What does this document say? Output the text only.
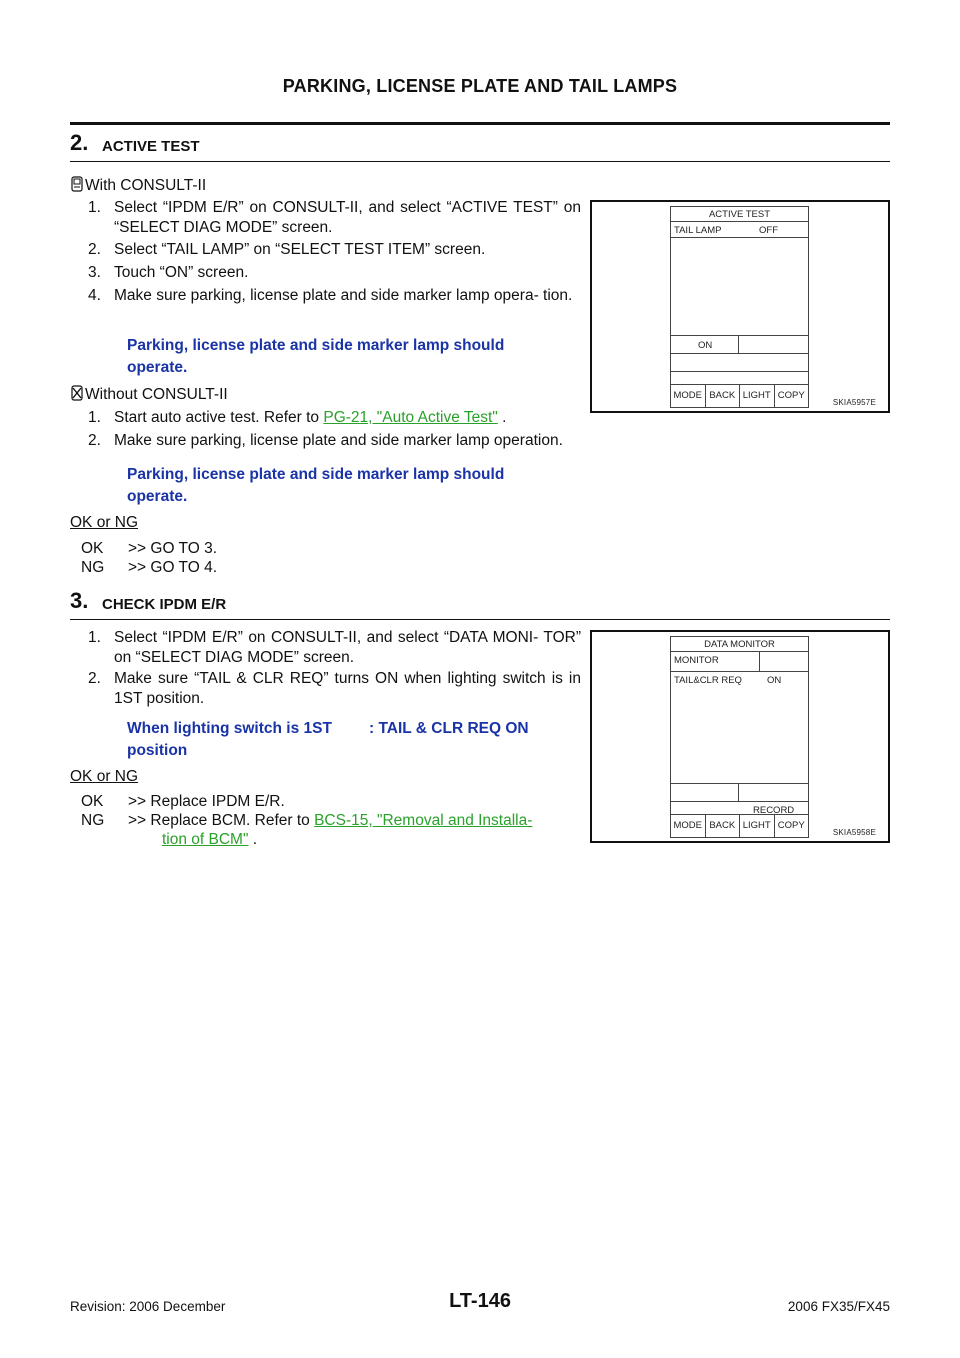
PARKING, LICENSE PLATE AND TAIL LAMPS
2. ACTIVE TEST
With CONSULT-II
1. Select “IPDM E/R” on CONSULT-II, and select “ACTIVE TEST” on “SELECT DIAG MODE” screen.
2. Select “TAIL LAMP” on “SELECT TEST ITEM” screen.
3. Touch “ON” screen.
4. Make sure parking, license plate and side marker lamp opera- tion.
Parking, license plate and side marker lamp should
operate.
Without CONSULT-II
1. Start auto active test. Refer to PG-21, "Auto Active Test" .
2. Make sure parking, license plate and side marker lamp operation.
Parking, license plate and side marker lamp should
operate.
OK or NG
OK >> GO TO 3.
NG >> GO TO 4.
ACTIVE TEST
TAIL LAMP	OFF
ON
MODE BACK LIGHT COPY
SKIA5957E
3. CHECK IPDM E/R
1. Select “IPDM E/R” on CONSULT-II, and select “DATA MONI- TOR” on “SELECT DIAG MODE” screen.
2. Make sure “TAIL & CLR REQ” turns ON when lighting switch is in 1ST position.
When lighting switch is 1ST
position
: TAIL & CLR REQ ON
OK or NG
OK >> Replace IPDM E/R.
NG >> Replace BCM. Refer to BCS-15, "Removal and Installa-
tion of BCM" .
DATA MONITOR
MONITOR
TAIL&CLR REQ	ON
RECORD
MODE BACK LIGHT COPY
SKIA5958E
Revision: 2006 December	LT-146	2006 FX35/FX45
